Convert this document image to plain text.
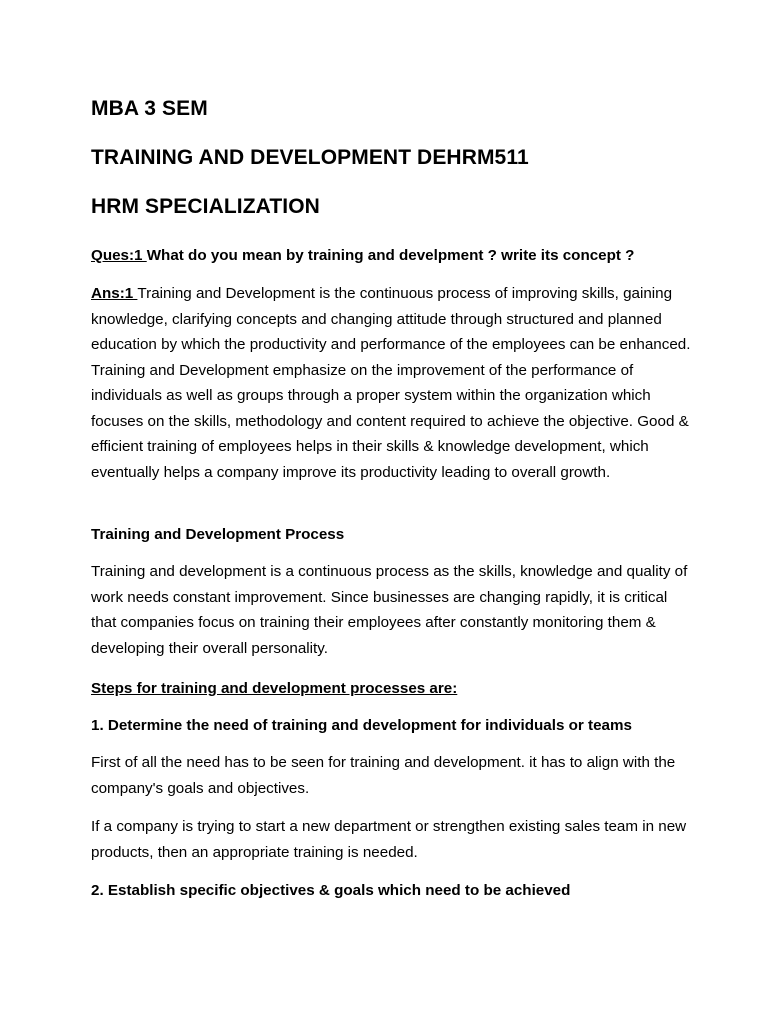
MBA 3 SEM
TRAINING AND DEVELOPMENT DEHRM511
HRM SPECIALIZATION
Ques:1 What do you mean by training and develpment ? write its concept ?
Ans:1 Training and Development is the continuous process of improving skills, gaining knowledge, clarifying concepts and changing attitude through structured and planned education by which the productivity and performance of the employees can be enhanced. Training and Development emphasize on the improvement of the performance of individuals as well as groups through a proper system within the organization which focuses on the skills, methodology and content required to achieve the objective. Good & efficient training of employees helps in their skills & knowledge development, which eventually helps a company improve its productivity leading to overall growth.
Training and Development Process
Training and development is a continuous process as the skills, knowledge and quality of work needs constant improvement. Since businesses are changing rapidly, it is critical that companies focus on training their employees after constantly monitoring them & developing their overall personality.
Steps for training and development processes are:
1. Determine the need of training and development for individuals or teams
First of all the need has to be seen for training and development. it has to align with the company's goals and objectives.
If a company is trying to start a new department or strengthen existing sales team in new products, then an appropriate training is needed.
2. Establish specific objectives & goals which need to be achieved
